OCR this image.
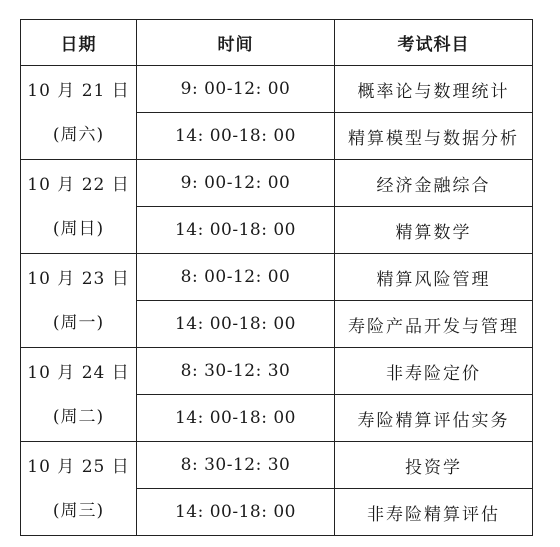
日期	时间	考试科目

10 月 21 日
(周六)	9: 00-12: 00	概率论与数理统计
	14: 00-18: 00	精算模型与数据分析

10 月 22 日
(周日)	9: 00-12: 00	经济金融综合
	14: 00-18: 00	精算数学

10 月 23 日
(周一)	8: 00-12: 00	精算风险管理
	14: 00-18: 00	寿险产品开发与管理

10 月 24 日
(周二)	8: 30-12: 30	非寿险定价
	14: 00-18: 00	寿险精算评估实务

10 月 25 日
(周三)	8: 30-12: 30	投资学
	14: 00-18: 00	非寿险精算评估
